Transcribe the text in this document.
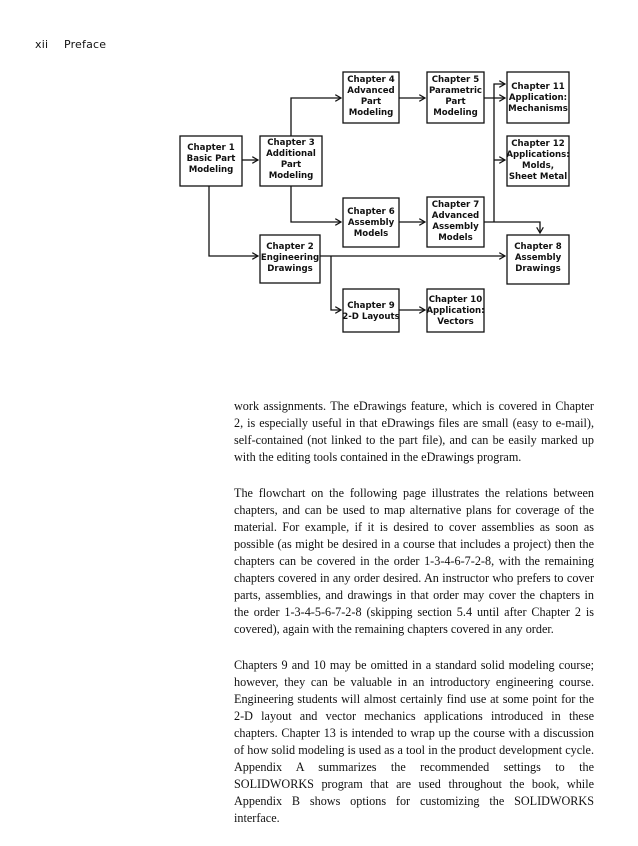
xii Preface
Chapter 1 Basic Part Modeling
Chapter 3 Additional Part Modeling
Chapter 4 Advanced Part Modeling
Chapter 5 Parametric Part Modeling
Chapter 11 Application: Mechanisms
Chapter 12 Applications: Molds, Sheet Metal
Chapter 6 Assembly Models
Chapter 7 Advanced Assembly Models
Chapter 2 Engineering Drawings
Chapter 8 Assembly Drawings
Chapter 9 2-D Layouts
Chapter 10 Application: Vectors

work assignments. The eDrawings feature, which is covered in Chapter 2, is especially useful in that eDrawings files are small (easy to e-mail), self-contained (not linked to the part file), and can be easily marked up with the editing tools contained in the eDrawings program.

The flowchart on the following page illustrates the relations between chapters, and can be used to map alternative plans for coverage of the material. For example, if it is desired to cover assemblies as soon as possible (as might be desired in a course that includes a project) then the chapters can be covered in the order 1-3-4-6-7-2-8, with the remaining chapters covered in any order desired. An instructor who prefers to cover parts, assemblies, and drawings in that order may cover the chapters in the order 1-3-4-5-6-7-2-8 (skipping section 5.4 until after Chapter 2 is covered), again with the remaining chapters covered in any order.

Chapters 9 and 10 may be omitted in a standard solid modeling course; however, they can be valuable in an introductory engineering course. Engineering students will almost certainly find use at some point for the 2-D layout and vector mechanics applications introduced in these chapters. Chapter 13 is intended to wrap up the course with a discussion of how solid modeling is used as a tool in the product development cycle. Appendix A summarizes the recommended settings to the SOLIDWORKS program that are used throughout the book, while Appendix B shows options for customizing the SOLIDWORKS interface.
